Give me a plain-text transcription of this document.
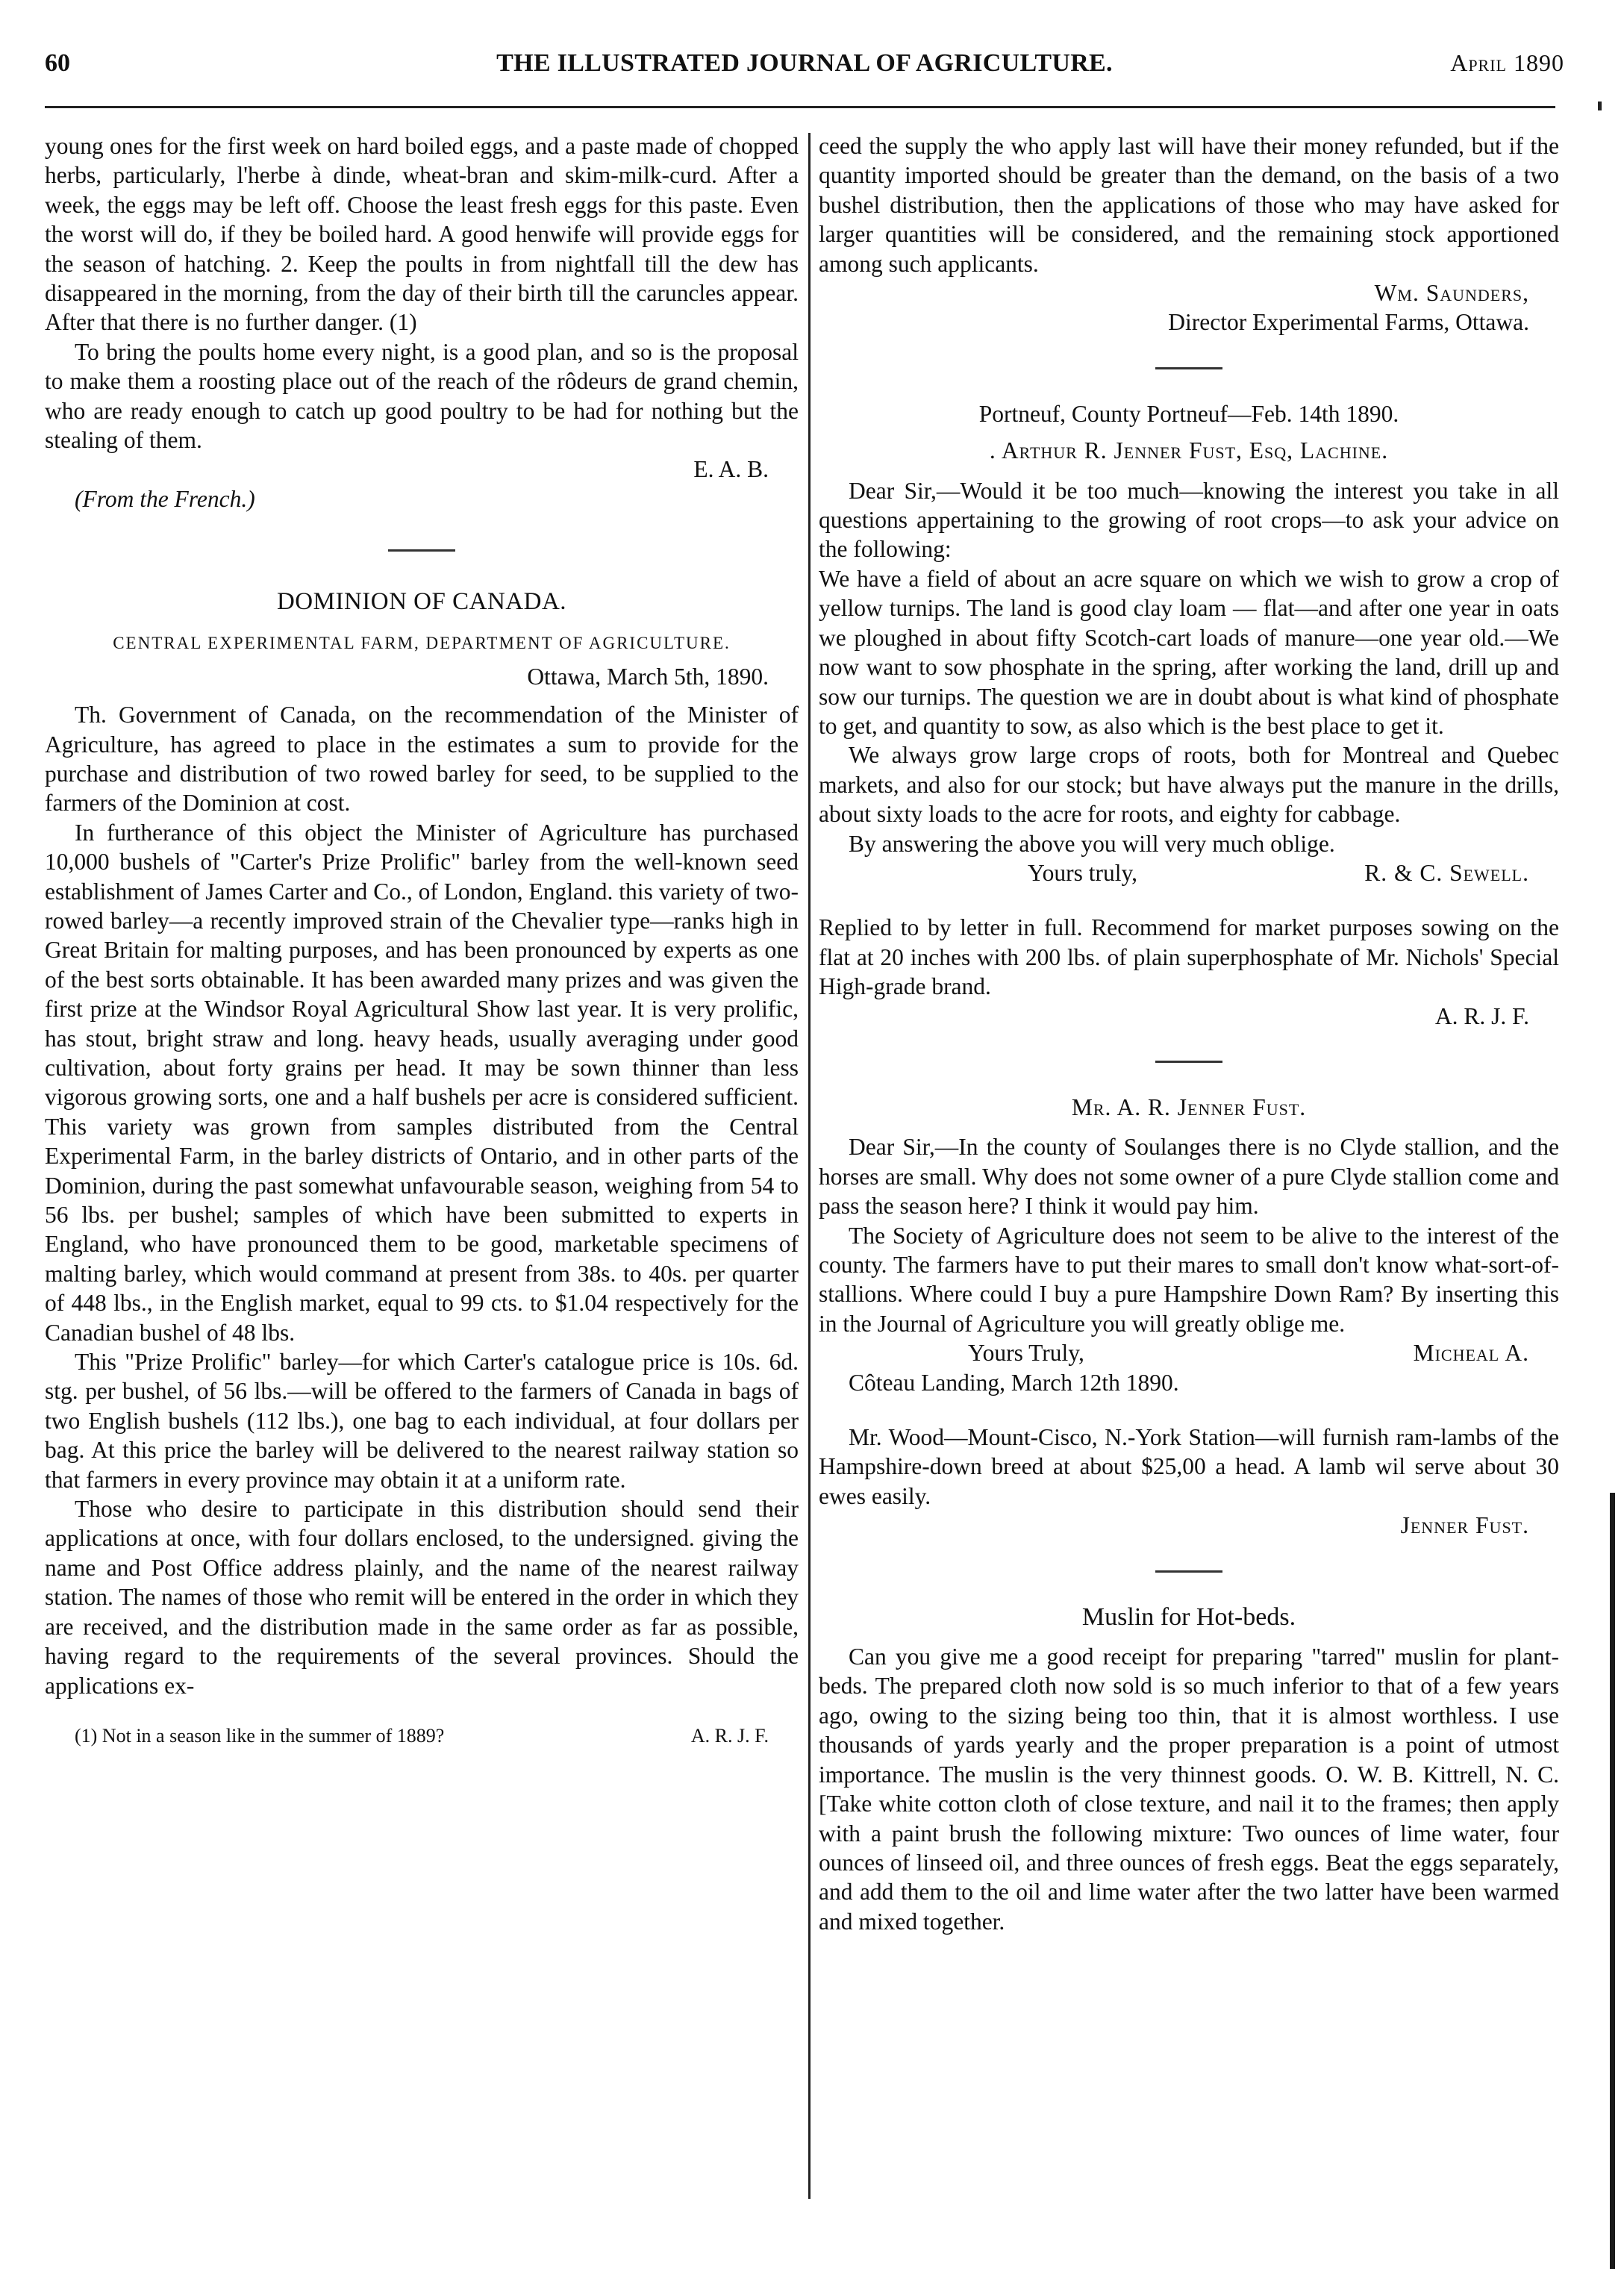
60	THE ILLUSTRATED JOURNAL OF AGRICULTURE.	April 1890

young ones for the first week on hard boiled eggs, and a paste made of chopped herbs, particularly, l'herbe à dinde, wheat-bran and skim-milk-curd. After a week, the eggs may be left off. Choose the least fresh eggs for this paste. Even the worst will do, if they be boiled hard. A good henwife will provide eggs for the season of hatching. 2. Keep the poults in from nightfall till the dew has disappeared in the morning, from the day of their birth till the caruncles appear. After that there is no further danger. (1)

To bring the poults home every night, is a good plan, and so is the proposal to make them a roosting place out of the reach of the rôdeurs de grand chemin, who are ready enough to catch up good poultry to be had for nothing but the stealing of them.

E. A. B.

(From the French.)

DOMINION OF CANADA.
CENTRAL EXPERIMENTAL FARM, DEPARTMENT OF AGRICULTURE.
Ottawa, March 5th, 1890.

Th. Government of Canada, on the recommendation of the Minister of Agriculture, has agreed to place in the estimates a sum to provide for the purchase and distribution of two rowed barley for seed, to be supplied to the farmers of the Dominion at cost.

In furtherance of this object the Minister of Agriculture has purchased 10,000 bushels of "Carter's Prize Prolific" barley from the well-known seed establishment of James Carter and Co., of London, England. this variety of two-rowed barley—a recently improved strain of the Chevalier type—ranks high in Great Britain for malting purposes, and has been pronounced by experts as one of the best sorts obtainable. It has been awarded many prizes and was given the first prize at the Windsor Royal Agricultural Show last year. It is very prolific, has stout, bright straw and long. heavy heads, usually averaging under good cultivation, about forty grains per head. It may be sown thinner than less vigorous growing sorts, one and a half bushels per acre is considered sufficient. This variety was grown from samples distributed from the Central Experimental Farm, in the barley districts of Ontario, and in other parts of the Dominion, during the past somewhat unfavourable season, weighing from 54 to 56 lbs. per bushel; samples of which have been submitted to experts in England, who have pronounced them to be good, marketable specimens of malting barley, which would command at present from 38s. to 40s. per quarter of 448 lbs., in the English market, equal to 99 cts. to $1.04 respectively for the Canadian bushel of 48 lbs.

This "Prize Prolific" barley—for which Carter's catalogue price is 10s. 6d. stg. per bushel, of 56 lbs.—will be offered to the farmers of Canada in bags of two English bushels (112 lbs.), one bag to each individual, at four dollars per bag. At this price the barley will be delivered to the nearest railway station so that farmers in every province may obtain it at a uniform rate.

Those who desire to participate in this distribution should send their applications at once, with four dollars enclosed, to the undersigned. giving the name and Post Office address plainly, and the name of the nearest railway station. The names of those who remit will be entered in the order in which they are received, and the distribution made in the same order as far as possible, having regard to the requirements of the several provinces. Should the applications ex-

(1) Not in a season like in the summer of 1889?	A. R. J. F.

ceed the supply the who apply last will have their money refunded, but if the quantity imported should be greater than the demand, on the basis of a two bushel distribution, then the applications of those who may have asked for larger quantities will be considered, and the remaining stock apportioned among such applicants.

Wm. Saunders,
Director Experimental Farms, Ottawa.
Portneuf, County Portneuf—Feb. 14th 1890.
. Arthur R. Jenner Fust, Esq, Lachine.

Dear Sir,—Would it be too much—knowing the interest you take in all questions appertaining to the growing of root crops—to ask your advice on the following:

We have a field of about an acre square on which we wish to grow a crop of yellow turnips. The land is good clay loam — flat—and after one year in oats we ploughed in about fifty Scotch-cart loads of manure—one year old.—We now want to sow phosphate in the spring, after working the land, drill up and sow our turnips. The question we are in doubt about is what kind of phosphate to get, and quantity to sow, as also which is the best place to get it.

We always grow large crops of roots, both for Montreal and Quebec markets, and also for our stock; but have always put the manure in the drills, about sixty loads to the acre for roots, and eighty for cabbage.

By answering the above you will very much oblige.

Yours truly,	R. & C. Sewell.

Replied to by letter in full. Recommend for market purposes sowing on the flat at 20 inches with 200 lbs. of plain superphosphate of Mr. Nichols' Special High-grade brand.

A. R. J. F.
Mr. A. R. Jenner Fust.

Dear Sir,—In the county of Soulanges there is no Clyde stallion, and the horses are small. Why does not some owner of a pure Clyde stallion come and pass the season here? I think it would pay him.

The Society of Agriculture does not seem to be alive to the interest of the county. The farmers have to put their mares to small don't know what-sort-of-stallions. Where could I buy a pure Hampshire Down Ram? By inserting this in the Journal of Agriculture you will greatly oblige me.

Yours Truly,	Micheal A.

Côteau Landing, March 12th 1890.

Mr. Wood—Mount-Cisco, N.-York Station—will furnish ram-lambs of the Hampshire-down breed at about $25,00 a head. A lamb wil serve about 30 ewes easily.

Jenner Fust.
Muslin for Hot-beds.

Can you give me a good receipt for preparing "tarred" muslin for plant-beds. The prepared cloth now sold is so much inferior to that of a few years ago, owing to the sizing being too thin, that it is almost worthless. I use thousands of yards yearly and the proper preparation is a point of utmost importance. The muslin is the very thinnest goods. O. W. B. Kittrell, N. C. [Take white cotton cloth of close texture, and nail it to the frames; then apply with a paint brush the following mixture: Two ounces of lime water, four ounces of linseed oil, and three ounces of fresh eggs. Beat the eggs separately, and add them to the oil and lime water after the two latter have been warmed and mixed together.
